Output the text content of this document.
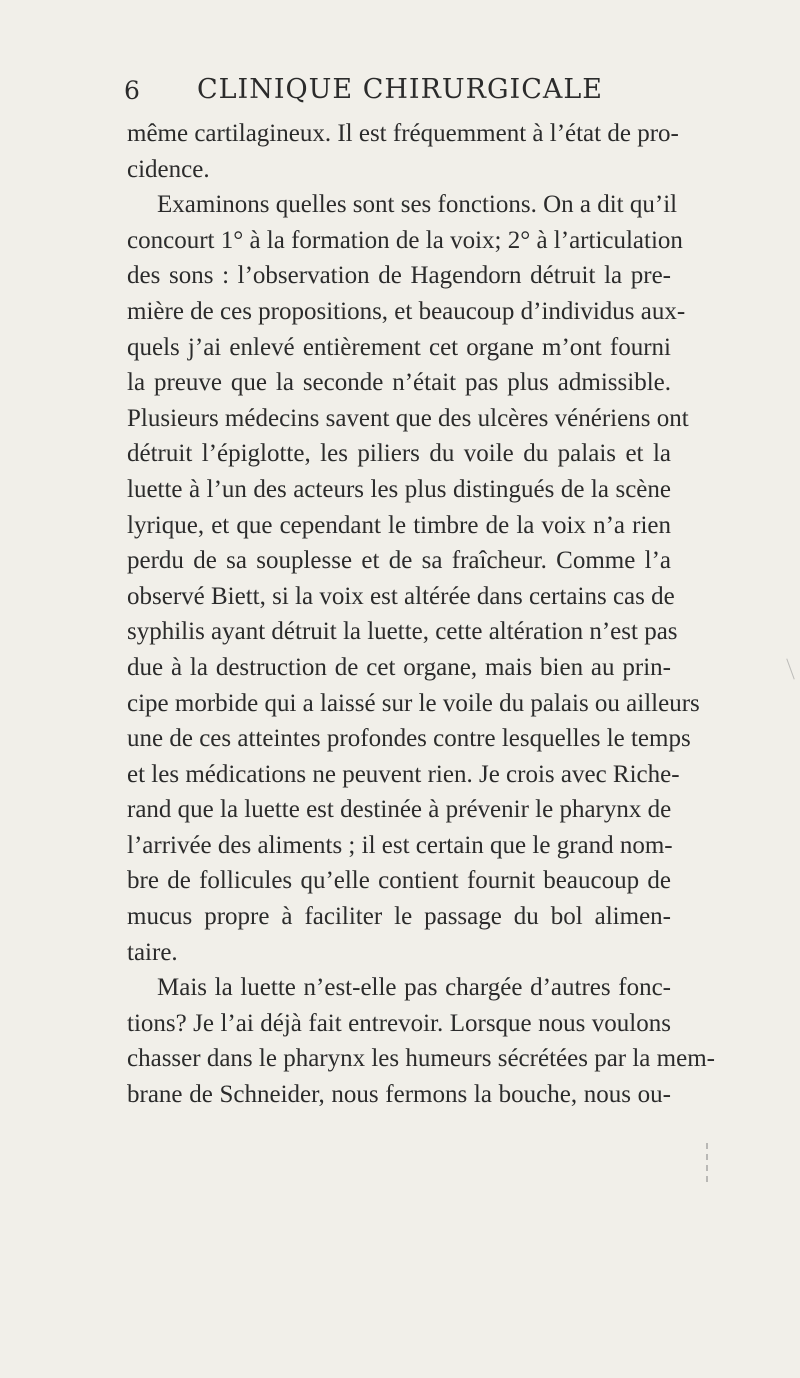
6	CLINIQUE CHIRURGICALE
même cartilagineux. Il est fréquemment à l’état de pro-
cidence.
Examinons quelles sont ses fonctions. On a dit qu’il
concourt 1° à la formation de la voix; 2° à l’articulation
des sons : l’observation de Hagendorn détruit la pre-
mière de ces propositions, et beaucoup d’individus aux-
quels j’ai enlevé entièrement cet organe m’ont fourni
la preuve que la seconde n’était pas plus admissible.
Plusieurs médecins savent que des ulcères vénériens ont
détruit l’épiglotte, les piliers du voile du palais et la
luette à l’un des acteurs les plus distingués de la scène
lyrique, et que cependant le timbre de la voix n’a rien
perdu de sa souplesse et de sa fraîcheur. Comme l’a
observé Biett, si la voix est altérée dans certains cas de
syphilis ayant détruit la luette, cette altération n’est pas
due à la destruction de cet organe, mais bien au prin-
cipe morbide qui a laissé sur le voile du palais ou ailleurs
une de ces atteintes profondes contre lesquelles le temps
et les médications ne peuvent rien. Je crois avec Riche-
rand que la luette est destinée à prévenir le pharynx de
l’arrivée des aliments ; il est certain que le grand nom-
bre de follicules qu’elle contient fournit beaucoup de
mucus propre à faciliter le passage du bol alimen-
taire.
Mais la luette n’est-elle pas chargée d’autres fonc-
tions? Je l’ai déjà fait entrevoir. Lorsque nous voulons
chasser dans le pharynx les humeurs sécrétées par la mem-
brane de Schneider, nous fermons la bouche, nous ou-
